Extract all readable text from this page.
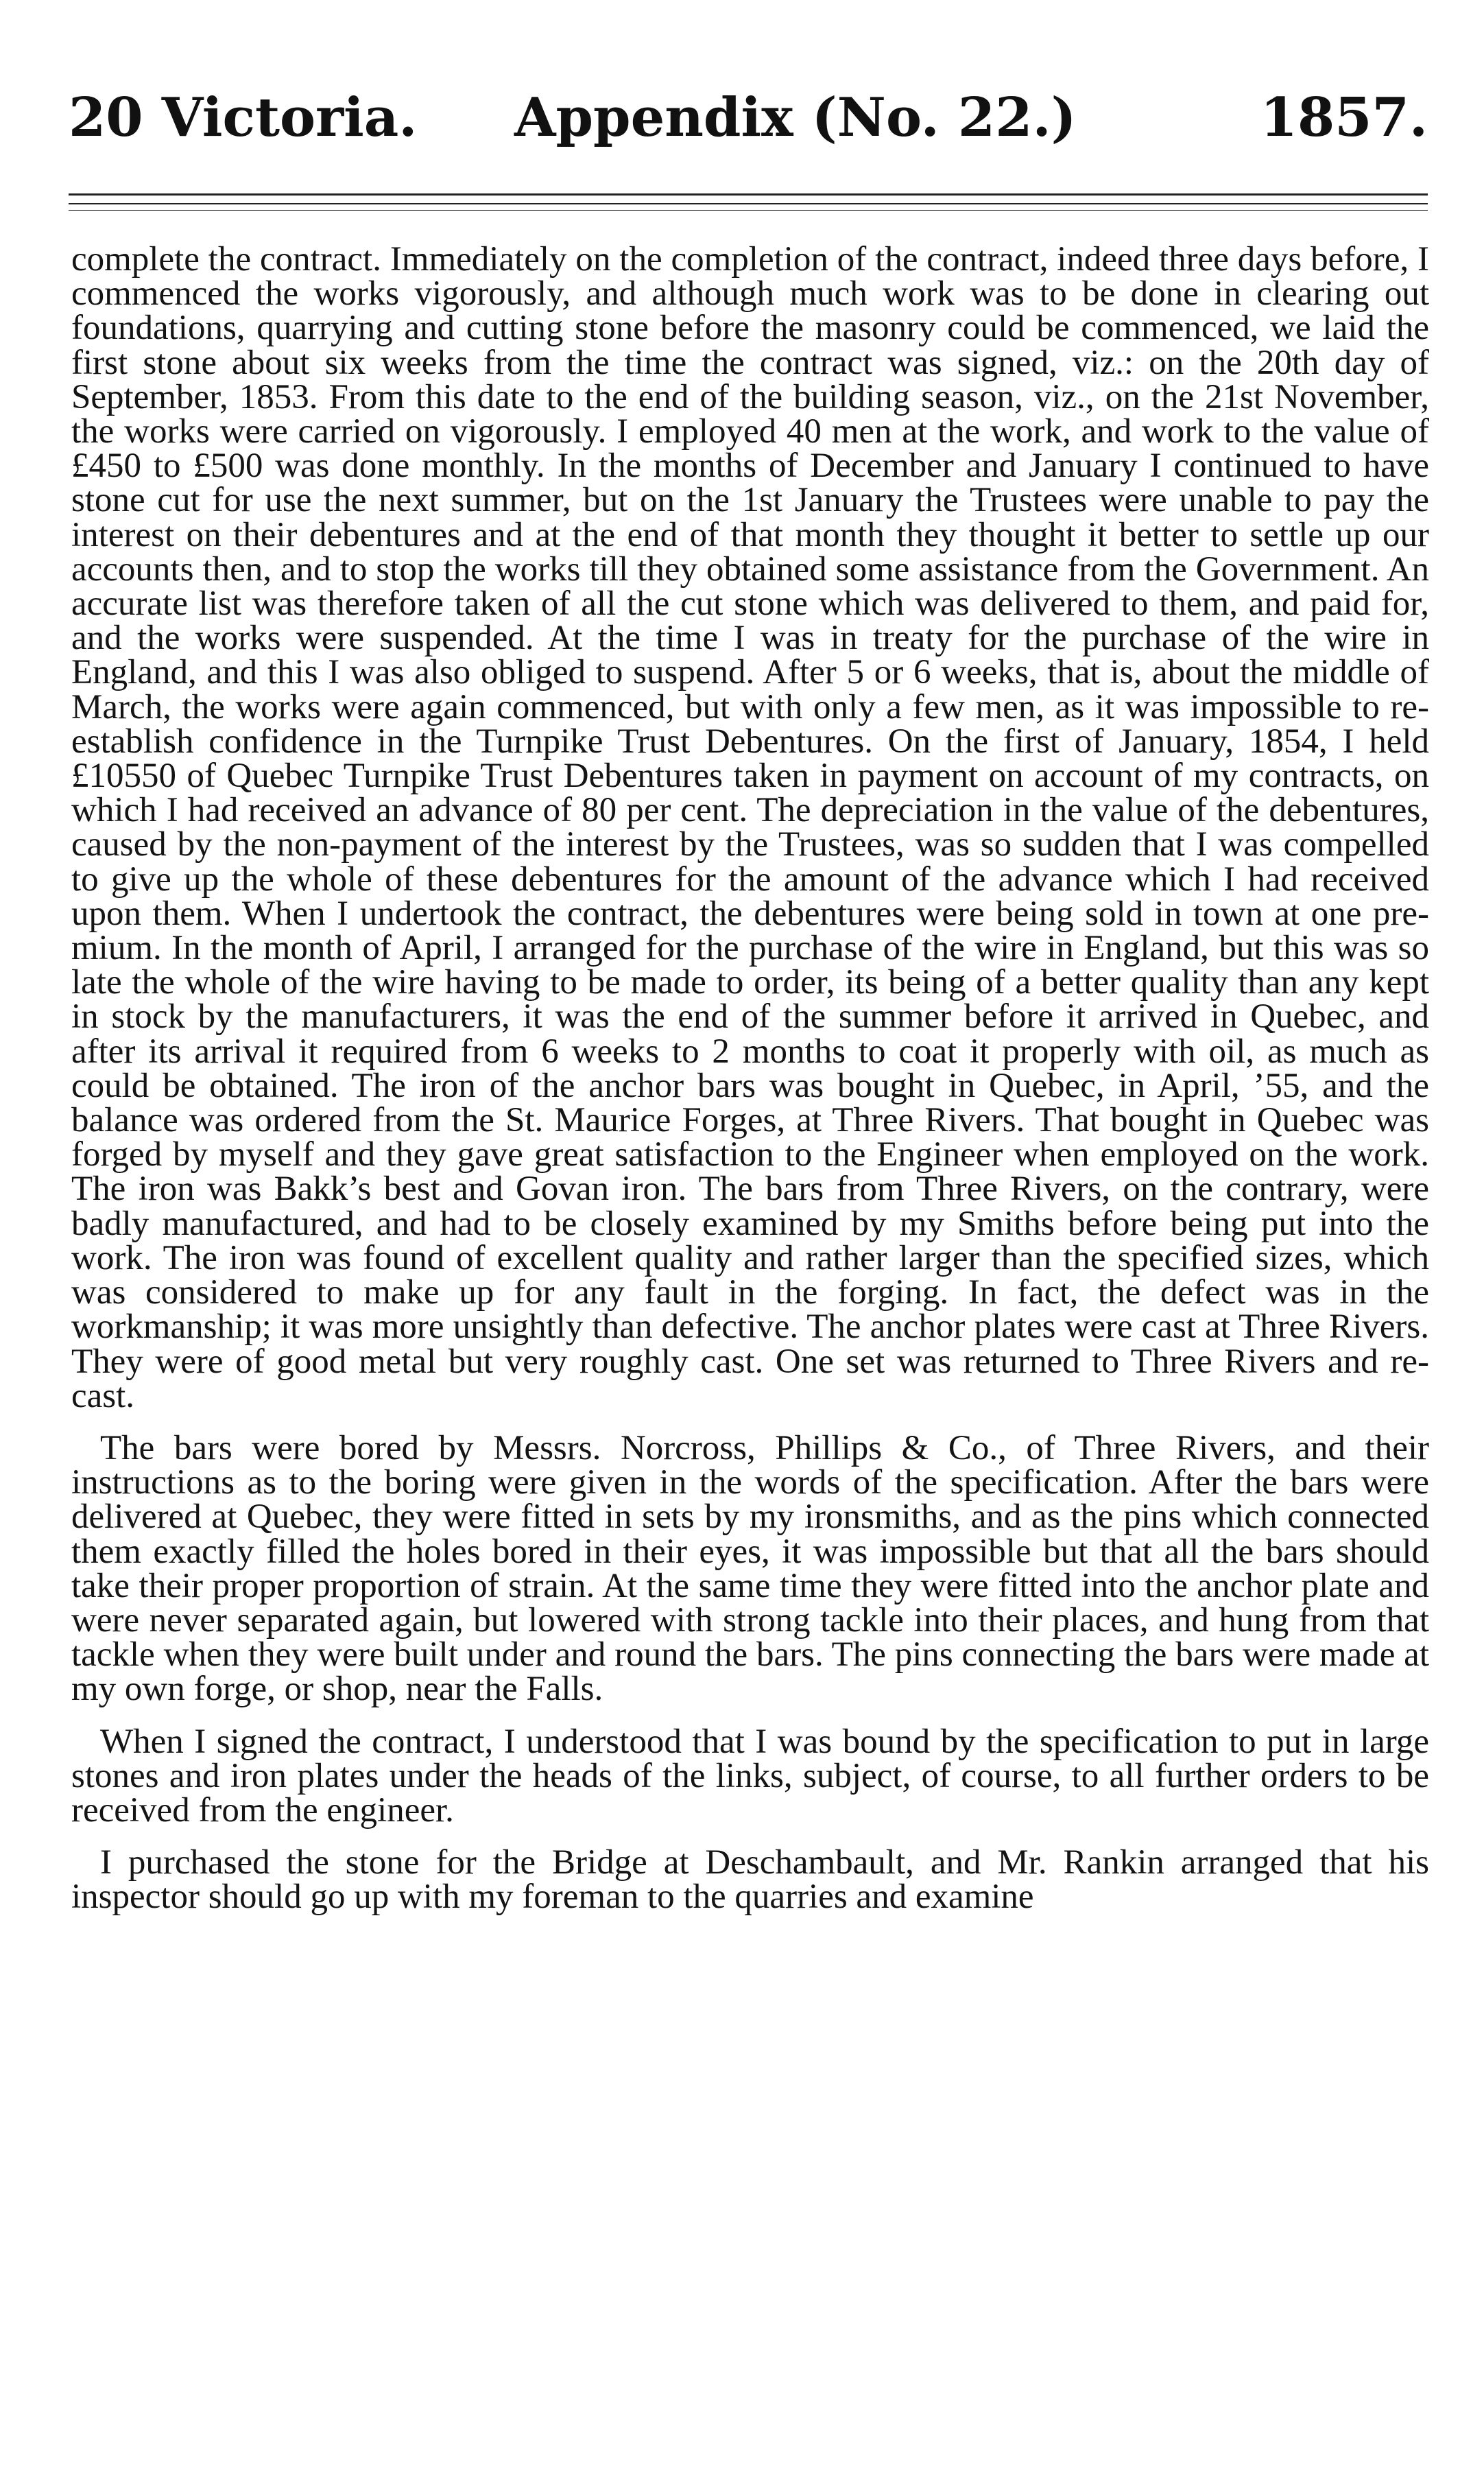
20 Victoria. Appendix (No. 22.)	1857.

complete the contract. Immediately on the completion of the contract, indeed three days before, I commenced the works vigorously, and although much work was to be done in clearing out foundations, quarrying and cutting stone before the masonry could be commenced, we laid the first stone about six weeks from the time the contract was signed, viz.: on the 20th day of September, 1853. From this date to the end of the building season, viz., on the 21st November, the works were carried on vigorously. I employed 40 men at the work, and work to the value of £450 to £500 was done monthly. In the months of December and January I continued to have stone cut for use the next summer, but on the 1st January the Trustees were unable to pay the interest on their debentures and at the end of that month they thought it better to settle up our accounts then, and to stop the works till they obtained some assistance from the Government. An accurate list was therefore taken of all the cut stone which was delivered to them, and paid for, and the works were suspended. At the time I was in treaty for the purchase of the wire in England, and this I was also obliged to suspend. After 5 or 6 weeks, that is, about the middle of March, the works were again commenced, but with only a few men, as it was impossible to re-establish confidence in the Turnpike Trust Debentures. On the first of January, 1854, I held £10550 of Quebec Turnpike Trust Debentures taken in payment on account of my contracts, on which I had received an advance of 80 per cent. The depreciation in the value of the debentures, caused by the non-payment of the interest by the Trustees, was so sudden that I was compelled to give up the whole of these debentures for the amount of the advance which I had received upon them. When I undertook the contract, the debentures were being sold in town at one premium. In the month of April, I arranged for the purchase of the wire in England, but this was so late the whole of the wire having to be made to order, its being of a better quality than any kept in stock by the manufacturers, it was the end of the summer before it arrived in Quebec, and after its arrival it required from 6 weeks to 2 months to coat it properly with oil, as much as could be obtained. The iron of the anchor bars was bought in Quebec, in April, ’55, and the balance was ordered from the St. Maurice Forges, at Three Rivers. That bought in Quebec was forged by myself and they gave great satisfaction to the Engineer when employed on the work. The iron was Bakk’s best and Govan iron. The bars from Three Rivers, on the contrary, were badly manufactured, and had to be closely examined by my Smiths before being put into the work. The iron was found of excellent quality and rather larger than the specified sizes, which was considered to make up for any fault in the forging. In fact, the defect was in the workmanship; it was more unsightly than defective. The anchor plates were cast at Three Rivers. They were of good metal but very roughly cast. One set was returned to Three Rivers and re-cast.

The bars were bored by Messrs. Norcross, Phillips & Co., of Three Rivers, and their instructions as to the boring were given in the words of the specification. After the bars were delivered at Quebec, they were fitted in sets by my ironsmiths, and as the pins which connected them exactly filled the holes bored in their eyes, it was impossible but that all the bars should take their proper proportion of strain. At the same time they were fitted into the anchor plate and were never separated again, but lowered with strong tackle into their places, and hung from that tackle when they were built under and round the bars. The pins connecting the bars were made at my own forge, or shop, near the Falls.

When I signed the contract, I understood that I was bound by the specification to put in large stones and iron plates under the heads of the links, subject, of course, to all further orders to be received from the engineer.

I purchased the stone for the Bridge at Deschambault, and Mr. Rankin arranged that his inspector should go up with my foreman to the quarries and examine
